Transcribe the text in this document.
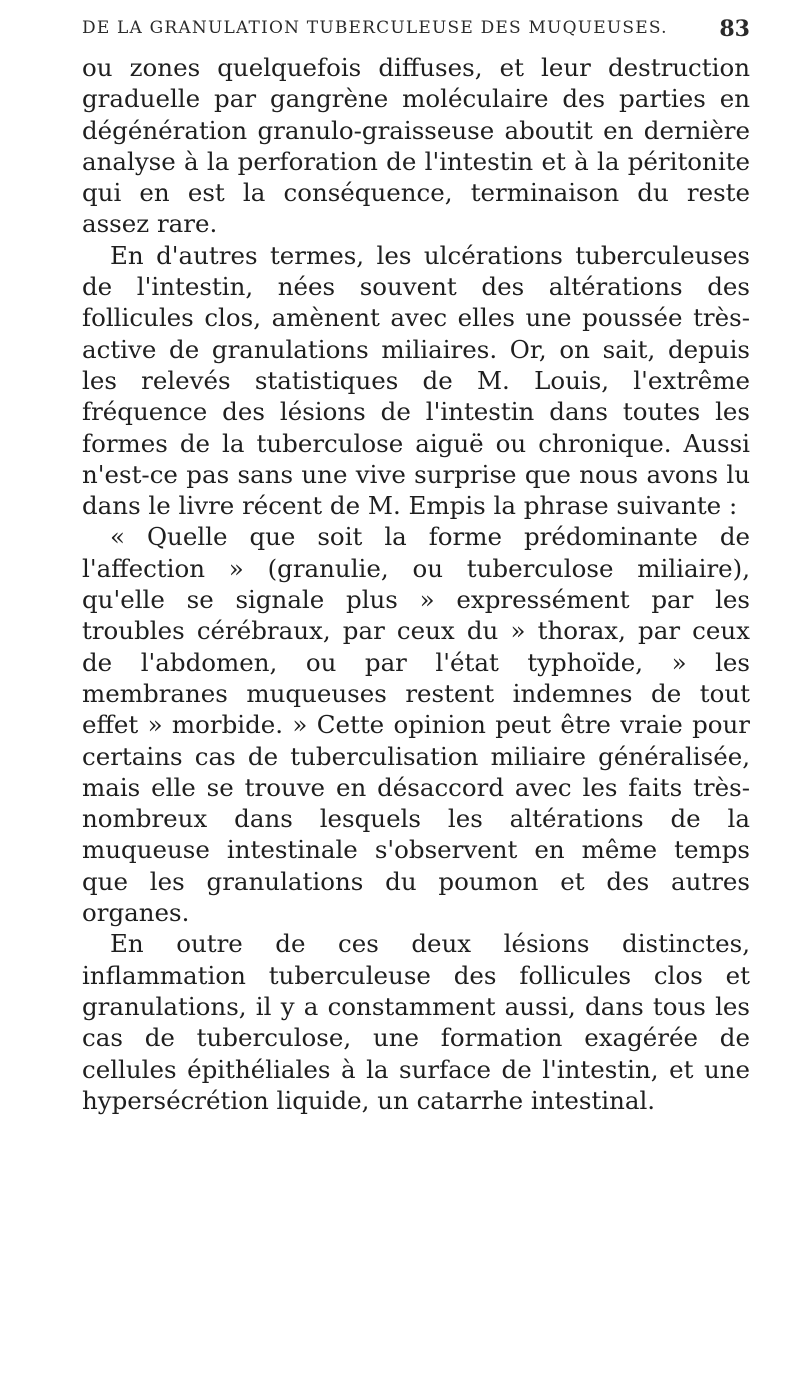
DE LA GRANULATION TUBERCULEUSE DES MUQUEUSES. 83

ou zones quelquefois diffuses, et leur destruction graduelle par gangrène moléculaire des parties en dégénération granulo-graisseuse aboutit en dernière analyse à la perforation de l'intestin et à la péritonite qui en est la conséquence, terminaison du reste assez rare.

En d'autres termes, les ulcérations tuberculeuses de l'intestin, nées souvent des altérations des follicules clos, amènent avec elles une poussée très-active de granulations miliaires. Or, on sait, depuis les relevés statistiques de M. Louis, l'extrême fréquence des lésions de l'intestin dans toutes les formes de la tuberculose aiguë ou chronique. Aussi n'est-ce pas sans une vive surprise que nous avons lu dans le livre récent de M. Empis la phrase suivante :

« Quelle que soit la forme prédominante de l'affection » (granulie, ou tuberculose miliaire), qu'elle se signale plus » expressément par les troubles cérébraux, par ceux du » thorax, par ceux de l'abdomen, ou par l'état typhoïde, » les membranes muqueuses restent indemnes de tout effet » morbide. » Cette opinion peut être vraie pour certains cas de tuberculisation miliaire généralisée, mais elle se trouve en désaccord avec les faits très-nombreux dans lesquels les altérations de la muqueuse intestinale s'observent en même temps que les granulations du poumon et des autres organes.

En outre de ces deux lésions distinctes, inflammation tuberculeuse des follicules clos et granulations, il y a constamment aussi, dans tous les cas de tuberculose, une formation exagérée de cellules épithéliales à la surface de l'intestin, et une hypersécrétion liquide, un catarrhe intestinal.
